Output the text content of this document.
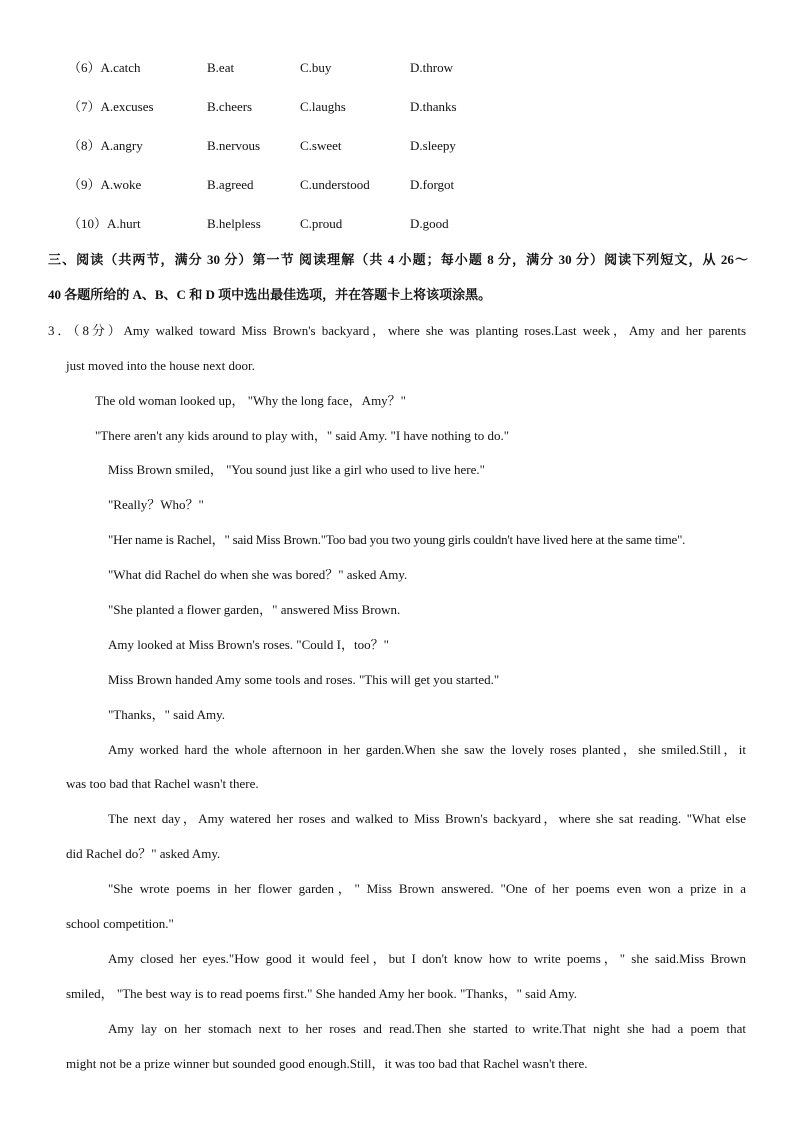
（6）A.catch	B.eat	C.buy	D.throw
（7）A.excuses	B.cheers	C.laughs	D.thanks
（8）A.angry	B.nervous	C.sweet	D.sleepy
（9）A.woke	B.agreed	C.understood	D.forgot
（10）A.hurt	B.helpless	C.proud	D.good
三、阅读（共两节，满分 30 分）第一节 阅读理解（共 4 小题；每小题 8 分，满分 30 分）阅读下列短文，从 26～
40 各题所给的 A、B、C 和 D 项中选出最佳选项，并在答题卡上将该项涂黑。
3．（8分）Amy walked toward Miss Brown's backyard，where she was planting roses.Last week，Amy and her parents
just moved into the house next door.
The old woman looked up， "Why the long face，Amy？"
"There aren't any kids around to play with，" said Amy. "I have nothing to do."
Miss Brown smiled， "You sound just like a girl who used to live here."
"Really？Who？"
"Her name is Rachel，" said Miss Brown."Too bad you two young girls couldn't have lived here at the same time".
"What did Rachel do when she was bored？" asked Amy.
"She planted a flower garden，" answered Miss Brown.
Amy looked at Miss Brown's roses. "Could I，too？"
Miss Brown handed Amy some tools and roses. "This will get you started."
"Thanks，" said Amy.
Amy worked hard the whole afternoon in her garden.When she saw the lovely roses planted，she smiled.Still，it
was too bad that Rachel wasn't there.
The next day，Amy watered her roses and walked to Miss Brown's backyard，where she sat reading. "What else
did Rachel do？" asked Amy.
"She wrote poems in her flower garden，" Miss Brown answered. "One of her poems even won a prize in a
school competition."
Amy closed her eyes."How good it would feel，but I don't know how to write poems，" she said.Miss Brown
smiled， "The best way is to read poems first." She handed Amy her book. "Thanks，" said Amy.
Amy lay on her stomach next to her roses and read.Then she started to write.That night she had a poem that
might not be a prize winner but sounded good enough.Still，it was too bad that Rachel wasn't there.
